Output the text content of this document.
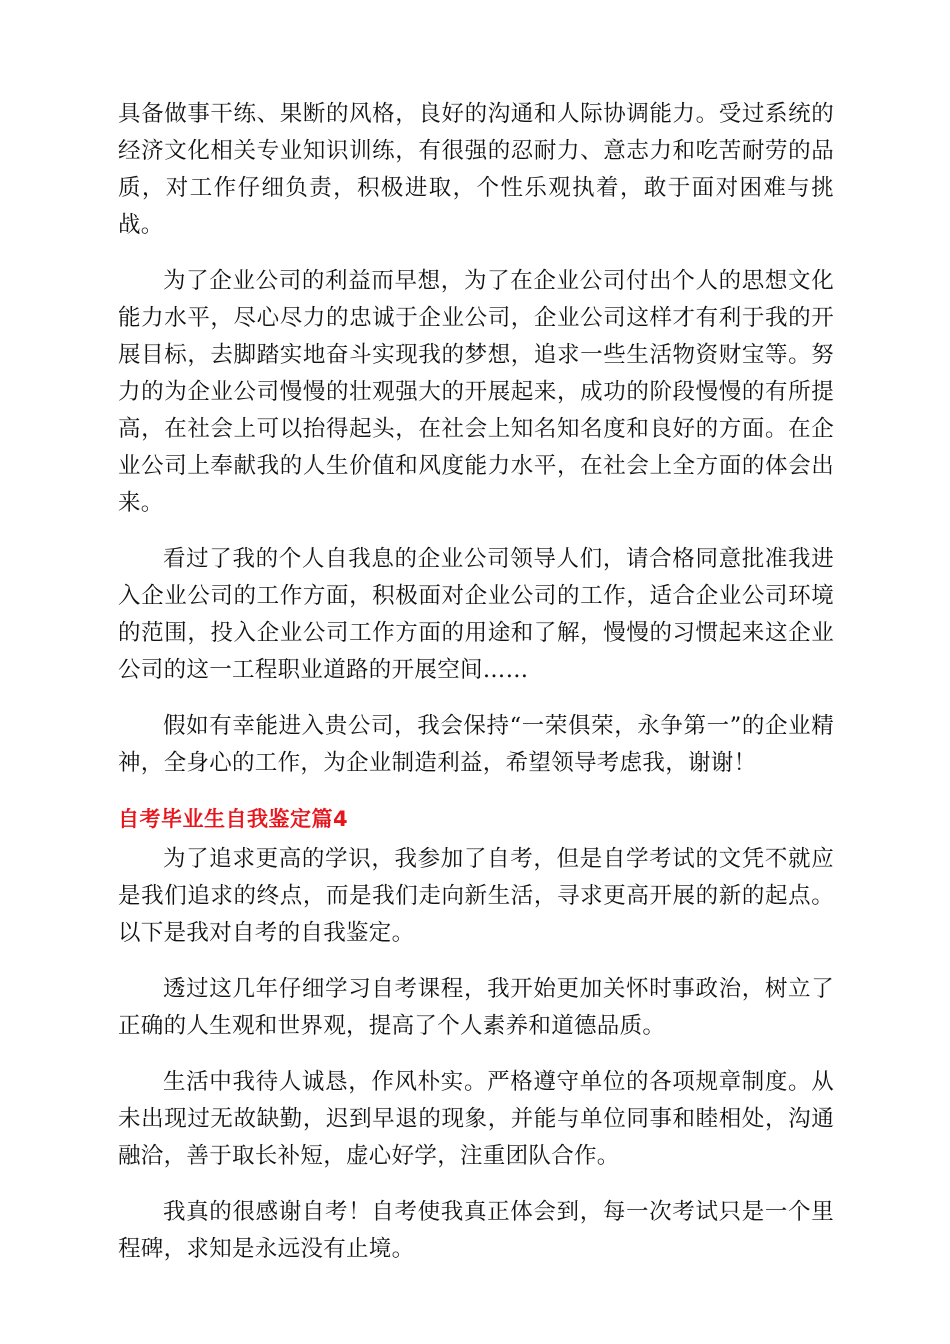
具备做事干练、果断的风格，良好的沟通和人际协调能力。受过系统的经济文化相关专业知识训练，有很强的忍耐力、意志力和吃苦耐劳的品质，对工作仔细负责，积极进取，个性乐观执着，敢于面对困难与挑战。

为了企业公司的利益而早想，为了在企业公司付出个人的思想文化能力水平，尽心尽力的忠诚于企业公司，企业公司这样才有利于我的开展目标，去脚踏实地奋斗实现我的梦想，追求一些生活物资财宝等。努力的为企业公司慢慢的壮观强大的开展起来，成功的阶段慢慢的有所提高，在社会上可以抬得起头，在社会上知名知名度和良好的方面。在企业公司上奉献我的人生价值和风度能力水平，在社会上全方面的体会出来。

看过了我的个人自我息的企业公司领导人们，请合格同意批准我进入企业公司的工作方面，积极面对企业公司的工作，适合企业公司环境的范围，投入企业公司工作方面的用途和了解，慢慢的习惯起来这企业公司的这一工程职业道路的开展空间……

假如有幸能进入贵公司，我会保持“一荣俱荣，永争第一”的企业精神，全身心的工作，为企业制造利益，希望领导考虑我，谢谢！

自考毕业生自我鉴定篇4

为了追求更高的学识，我参加了自考，但是自学考试的文凭不就应是我们追求的终点，而是我们走向新生活，寻求更高开展的新的起点。以下是我对自考的自我鉴定。

透过这几年仔细学习自考课程，我开始更加关怀时事政治，树立了正确的人生观和世界观，提高了个人素养和道德品质。

生活中我待人诚恳，作风朴实。严格遵守单位的各项规章制度。从未出现过无故缺勤，迟到早退的现象，并能与单位同事和睦相处，沟通融洽，善于取长补短，虚心好学，注重团队合作。

我真的很感谢自考！自考使我真正体会到，每一次考试只是一个里程碑，求知是永远没有止境。
